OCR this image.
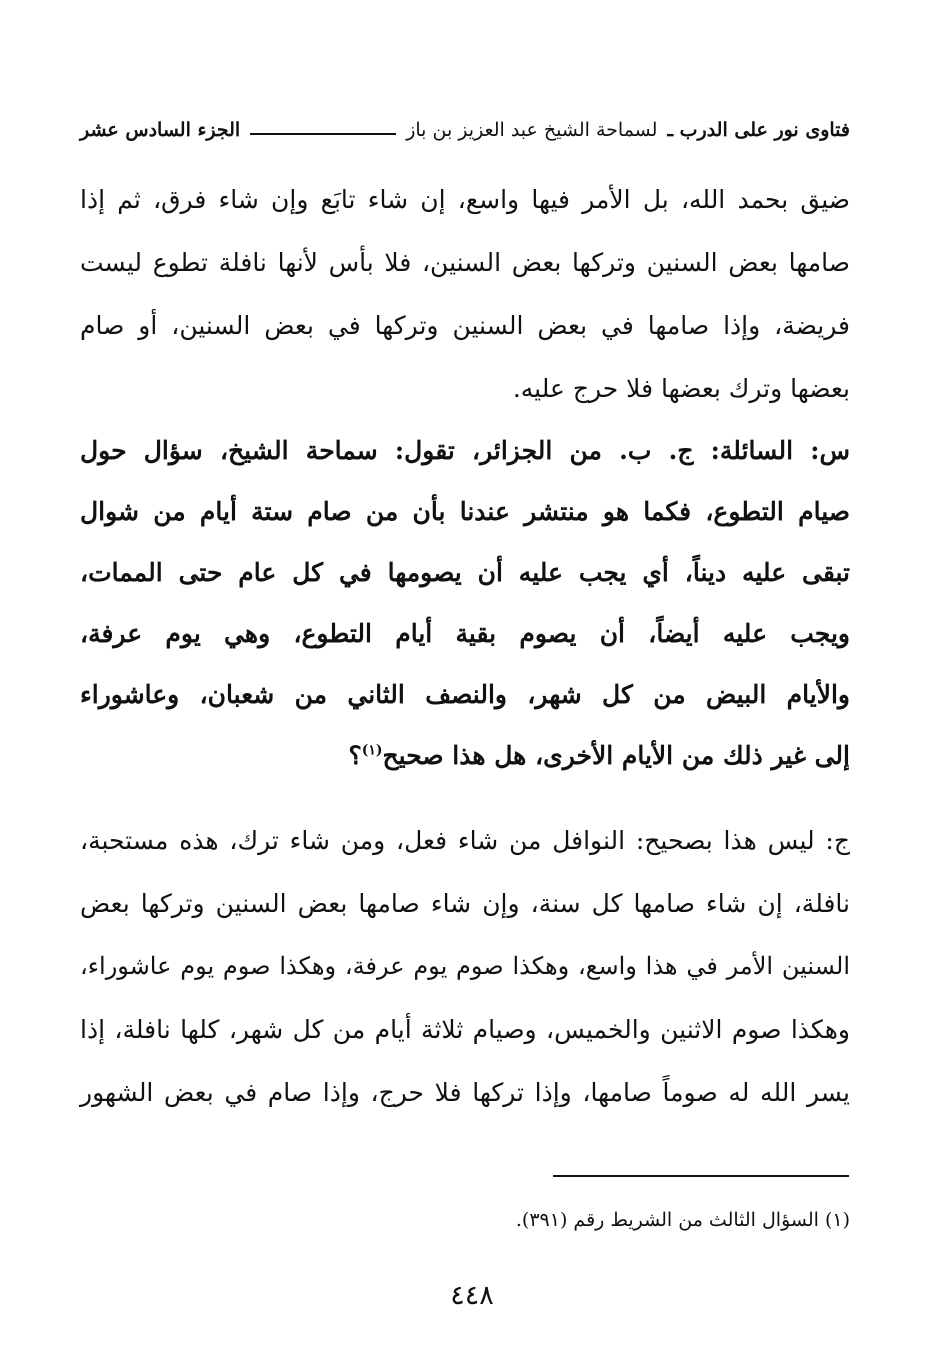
فتاوى نور على الدرب ـ لسماحة الشيخ عبد العزيز بن باز
الجزء السادس عشر
ضيق بحمد الله، بل الأمر فيها واسع، إن شاء تابَع وإن شاء فرق، ثم إذا
صامها بعض السنين وتركها بعض السنين، فلا بأس لأنها نافلة تطوع ليست
فريضة، وإذا صامها في بعض السنين وتركها في بعض السنين، أو صام
بعضها وترك بعضها فلا حرج عليه.
س: السائلة: ج. ب. من الجزائر، تقول: سماحة الشيخ، سؤال حول
صيام التطوع، فكما هو منتشر عندنا بأن من صام ستة أيام من شوال
تبقى عليه ديناً، أي يجب عليه أن يصومها في كل عام حتى الممات،
ويجب عليه أيضاً، أن يصوم بقية أيام التطوع، وهي يوم عرفة،
والأيام البيض من كل شهر، والنصف الثاني من شعبان، وعاشوراء
إلى غير ذلك من الأيام الأخرى، هل هذا صحيح$^{(١)}$؟
ج: ليس هذا بصحيح: النوافل من شاء فعل، ومن شاء ترك، هذه مستحبة،
نافلة، إن شاء صامها كل سنة، وإن شاء صامها بعض السنين وتركها بعض
السنين الأمر في هذا واسع، وهكذا صوم يوم عرفة، وهكذا صوم يوم عاشوراء،
وهكذا صوم الاثنين والخميس، وصيام ثلاثة أيام من كل شهر، كلها نافلة، إذا
يسر الله له صوماً صامها، وإذا تركها فلا حرج، وإذا صام في بعض الشهور
(١) السؤال الثالث من الشريط رقم (٣٩١).
٤٤٨
